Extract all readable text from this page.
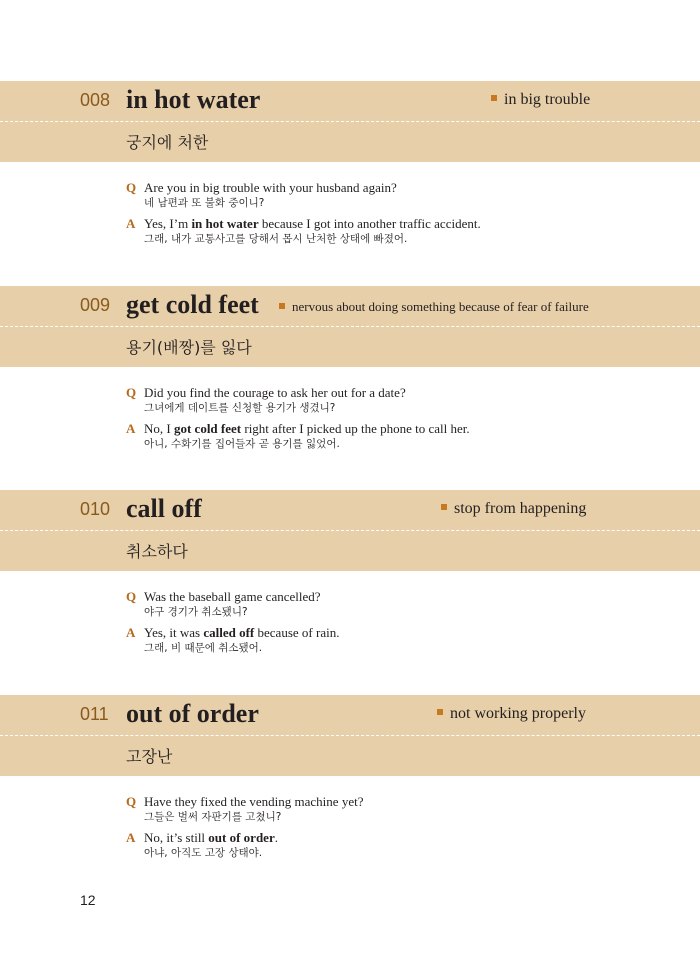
008 in hot water	in big trouble
궁지에 처한
Q Are you in big trouble with your husband again?
네 남편과 또 불화 중이니?
A Yes, I’m in hot water because I got into another traffic accident.
그래, 내가 교통사고를 당해서 몹시 난처한 상태에 빠졌어.
009 get cold feet	nervous about doing something because of fear of failure
용기(배짱)를 잃다
Q Did you find the courage to ask her out for a date?
그녀에게 데이트를 신청할 용기가 생겼니?
A No, I got cold feet right after I picked up the phone to call her.
아니, 수화기를 집어들자 곧 용기를 잃었어.
010 call off	stop from happening
취소하다
Q Was the baseball game cancelled?
야구 경기가 취소됐니?
A Yes, it was called off because of rain.
그래, 비 때문에 취소됐어.
011 out of order	not working properly
고장난
Q Have they fixed the vending machine yet?
그들은 벌써 자판기를 고쳤니?
A No, it’s still out of order.
아냐, 아직도 고장 상태야.
12
